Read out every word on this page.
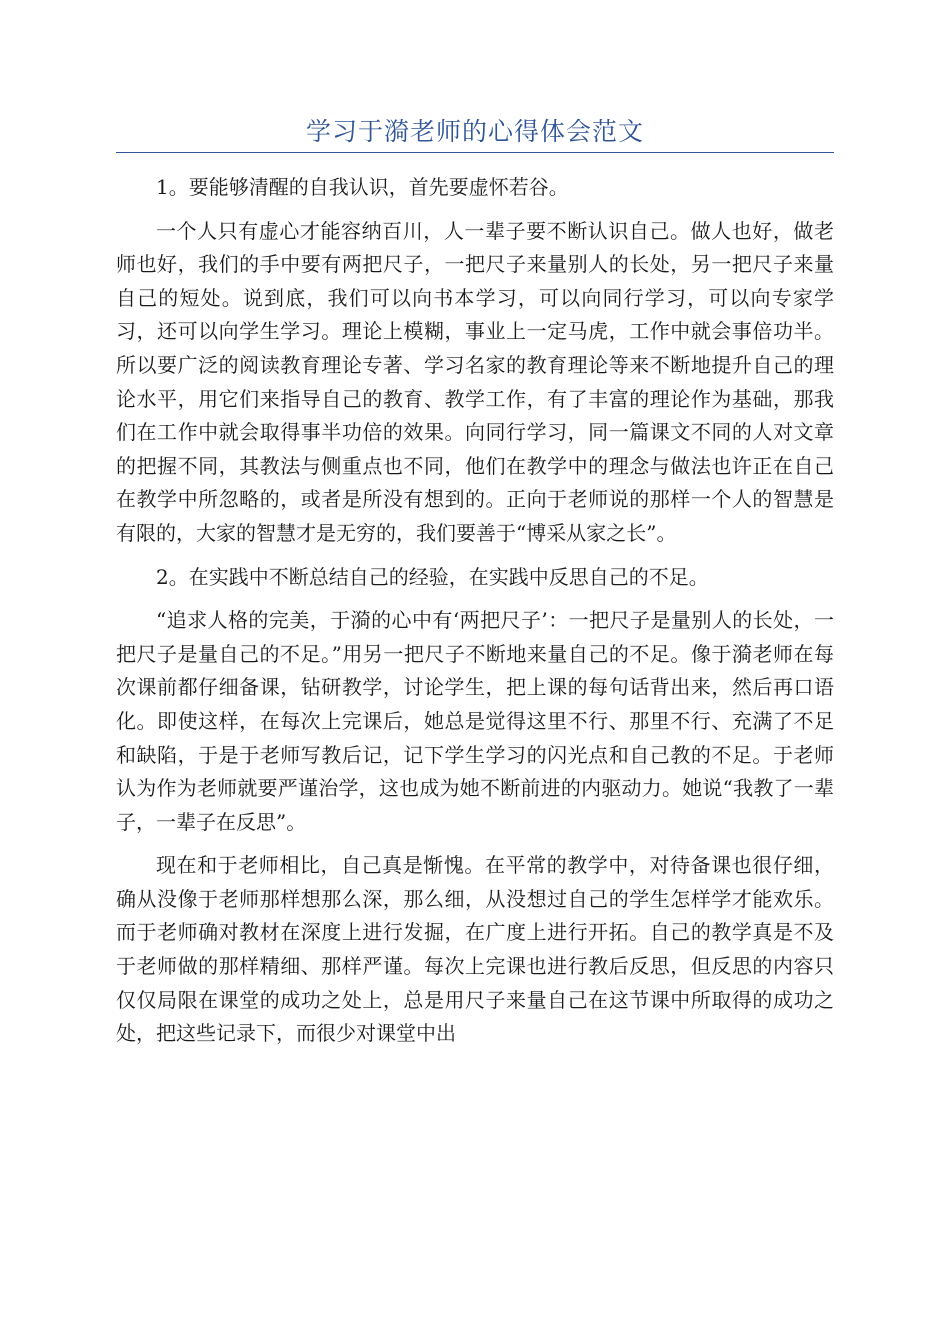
学习于漪老师的心得体会范文

1。要能够清醒的自我认识，首先要虚怀若谷。

一个人只有虚心才能容纳百川，人一辈子要不断认识自己。做人也好，做老师也好，我们的手中要有两把尺子，一把尺子来量别人的长处，另一把尺子来量自己的短处。说到底，我们可以向书本学习，可以向同行学习，可以向专家学习，还可以向学生学习。理论上模糊，事业上一定马虎，工作中就会事倍功半。所以要广泛的阅读教育理论专著、学习名家的教育理论等来不断地提升自己的理论水平，用它们来指导自己的教育、教学工作，有了丰富的理论作为基础，那我们在工作中就会取得事半功倍的效果。向同行学习，同一篇课文不同的人对文章的把握不同，其教法与侧重点也不同，他们在教学中的理念与做法也许正在自己在教学中所忽略的，或者是所没有想到的。正向于老师说的那样一个人的智慧是有限的，大家的智慧才是无穷的，我们要善于“博采从家之长”。

2。在实践中不断总结自己的经验，在实践中反思自己的不足。

“追求人格的完美，于漪的心中有‘两把尺子’：一把尺子是量别人的长处，一把尺子是量自己的不足。”用另一把尺子不断地来量自己的不足。像于漪老师在每次课前都仔细备课，钻研教学，讨论学生，把上课的每句话背出来，然后再口语化。即使这样，在每次上完课后，她总是觉得这里不行、那里不行、充满了不足和缺陷，于是于老师写教后记，记下学生学习的闪光点和自己教的不足。于老师认为作为老师就要严谨治学，这也成为她不断前进的内驱动力。她说“我教了一辈子，一辈子在反思”。

现在和于老师相比，自己真是惭愧。在平常的教学中，对待备课也很仔细，确从没像于老师那样想那么深，那么细，从没想过自己的学生怎样学才能欢乐。而于老师确对教材在深度上进行发掘，在广度上进行开拓。自己的教学真是不及于老师做的那样精细、那样严谨。每次上完课也进行教后反思，但反思的内容只仅仅局限在课堂的成功之处上，总是用尺子来量自己在这节课中所取得的成功之处，把这些记录下，而很少对课堂中出
